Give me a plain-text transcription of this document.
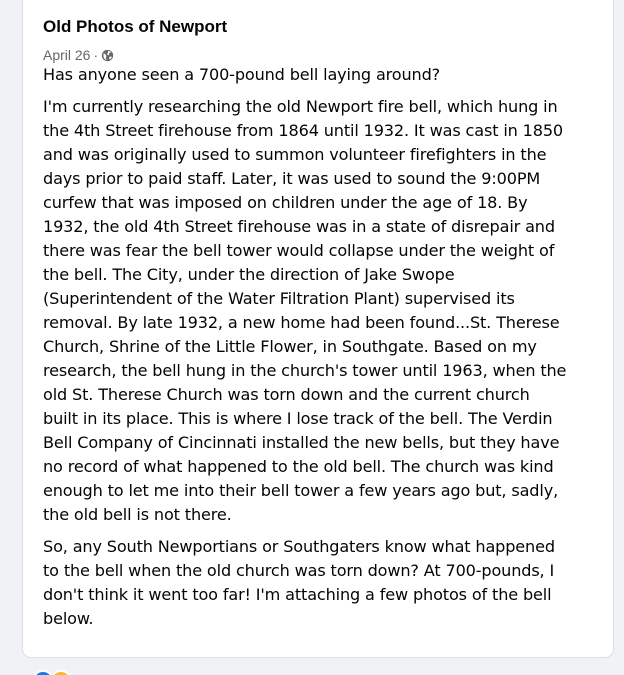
Old Photos of Newport
April 26 ·

Has anyone seen a 700-pound bell laying around?

I'm currently researching the old Newport fire bell, which hung in

the 4th Street firehouse from 1864 until 1932. It was cast in 1850

and was originally used to summon volunteer firefighters in the

days prior to paid staff. Later, it was used to sound the 9:00PM

curfew that was imposed on children under the age of 18. By

1932, the old 4th Street firehouse was in a state of disrepair and

there was fear the bell tower would collapse under the weight of

the bell. The City, under the direction of Jake Swope

(Superintendent of the Water Filtration Plant) supervised its

removal. By late 1932, a new home had been found...St. Therese

Church, Shrine of the Little Flower, in Southgate. Based on my

research, the bell hung in the church's tower until 1963, when the

old St. Therese Church was torn down and the current church

built in its place. This is where I lose track of the bell. The Verdin

Bell Company of Cincinnati installed the new bells, but they have

no record of what happened to the old bell. The church was kind

enough to let me into their bell tower a few years ago but, sadly,

the old bell is not there.

So, any South Newportians or Southgaters know what happened

to the bell when the old church was torn down? At 700-pounds, I

don't think it went too far! I'm attaching a few photos of the bell

below.
